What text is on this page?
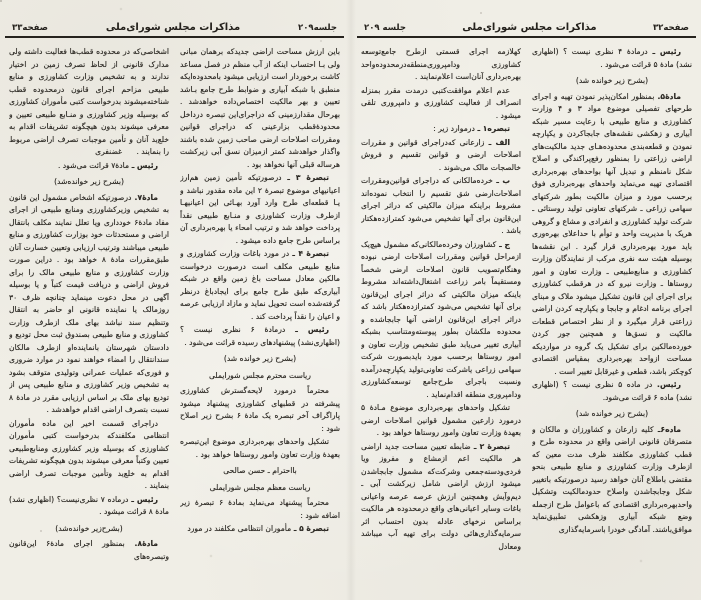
صفحه۳۲
مذاکرات مجلس شورای‌ملی
جلسه ۲۰۹

رئیس ـ درمادهٔ ۴ نظری نیست ؟ (اظهاری نشد) مادهٔ ۵ قرائت می‌شود .

(بشرح زیر خوانده شد)

مادهٔ۵. بمنظور امکان‌پذیر نمودن تهیه و اجرای طرحهای تفصیلی موضوع مواد ۳ و ۴ وزارت کشاورزی و منابع طبیعی با رعایت مسیر شبکه آبیاری و زهکشی نقشه‌های جابجاکردن و یکپارچه نمودن و قطعه‌بندی محدوده‌هـای جدید مالکیت‌های اراضی زراعتی را بمنظور رفع‌پراکندگی و اصلاح شکل نامنظم و تبدیل آنها بواحدهای بهره‌برداری اقتصادی تهیه می‌نماید واحدهای بهره‌برداری فوق برحسب مورد و میزان مالکیت بطور شرکتهای سهامی زراعی ـ شرکتهای تعاونی تولید روستائی ـ شرکت تولید کشاورزی و انفرادی و مشاع و گروهی هریک با مدیریت واحد و توأم با حداعلای بهره‌وری باید مورد بهره‌برداری قرار گیرد . این نقشه‌ها بوسیله هیئت سه نفری مرکب از نمایندگان وزارت کشاورزی و منابع‌طبیعی ـ وزارت تعاون و امور روستاها ـ وزارت نیرو که در هرقطب کشاورزی برای اجرای این قانون تشکیل میشود ملاک و مبنای اجرای برنامه ادغام و جابجا و یکپارچه کردن اراضی زراعتی قرار میگیرد و از نظر اختصاص قطعات مالکیت و نسق‌ها و همچنین جور کردن خورده‌مالکین برای تشکیل یک گروه در مواردیکه مساحت ازواحد بهره‌برداری بمقیاس اقتصادی کوچکتر باشد، قطعی و غیرقابل تغییر است .

رئیس. در ماده ۵ نظری نیست ؟ (اظهاری نشد) ماده ۶ قرائت می‌شود.

(بشرح زیر خوانده شد)

ماده۶ـ کلیه زارعان و کشاورزان و مالکان و متصرفان قانونی اراضی واقع در محدوده طرح و قطب کشاورزی مکلفند ظرف مدت معین که ازطرف وزارت کشاورزی و منابع طبیعی بنحو مقتضی باطلاع آنان خواهد رسید درصورتیکه باتغییر شکل وجابجاشدن واصلاح حدودمالکیت وتشکیل واحدبهره‌برداری اقتصادی که باعوامل طرح ازجمله وضع شبکه آبیاری وزهکشی تطبیق‌نماید موافق‌باشند. آمادگی خودرا باسرمایه‌گذاری

کهلازمه اجرای قسمتی ازطرح جامع‌توسعه کشاورزی ودامپروری‌منطقه‌درمحدوده‌واحد بهره‌برداری آنان‌است اعلام‌نمایند .

عدم اعلام موافقت‌کتبی درمدت مقرر بمنزله انصراف از فعالیت کشاورزی و دامپروری تلقی میشود .

تبصره۱ ـ درموارد زیر :

الف ـ زارعانی که‌دراجرای قوانین و مقررات اصلاحات ارضی و قوانین تقسیم و فروش خالصجات مالک می‌شوند .

ب ـ خرده‌مالکانی که دراجرای قوانین‌ومقررات اصلاحات‌ارضی شق تقسیم را انتخاب نموده‌اند مشروط براینکه میزان مالکیتی که دراثر اجرای این‌قانون برای آنها تشخیص می‌شود کمترازده‌هکتار باشد .

ج ـ کشاورزان وخرده‌مالکانی‌که مشمول هیچ‌یک ازمراحل قوانین ومقررات اصلاحات ارضی نبوده وهنگام‌تصویب قانون اصلاحات ارضی شخصاً ومستقیماً بامر زراعت اشتغال‌داشته‌اند مشروط باینکه میزان مالکیتی که دراثر اجرای این‌قانون برای آنها تشخیص می‌شود کمترازده‌هکتار باشد که دراثر اجرای این‌قانون اراضی آنها جابجاشده و محدوده ملکشان بطور پیوسته‌ومتناسب بشبکه آبیاری تغییر می‌یابد طبق تشخیص وزارت تعاون و امور روستاها برحسب مورد بایدبصورت شرکت سهامی زراعی یاشرکت تعاونی‌تولید یکپارچه‌درآمده ونسبت باجرای طرح‌جامع توسعه‌کشاورزی ودامپروری منطقه اقدام‌نماید .

تشکیل واحدهای بهره‌برداری موضوع مـادهٔ ۵ درمورد زارعین مشمول قوانین اصلاحات ارضی بعهدهٔ وزارت تعاون وامور روستاها خواهد بود .

تبصرهٔ ۲ ـ ضابطه تعیین مساحت جدید اراضی هر مالکیت اعم ازمشاع و مفروز ویا فردی‌ودسته‌جمعی وشرکت‌که مشمول جابجاشدن میشود ارزش اراضی شامل زیرکشت آبی ـ دیم‌وآیش وهمچنین ارزش عرصه عرصه واعیانی باغات وسایر اعیانی‌های واقع درمحدوده هر مالکیت براساس نرخهای عادله بدون احتساب اثر سرمایه‌گذاری‌هائی دولت برای تهیه آب میباشد ومعادل

جلسه۲۰۹
مذاکرات مجلس شورای‌ملی
صفحه۳۳

باین ارزش مساحت اراضی جدیدکه برهمان مبانی ولی بـا احتساب اینکه از آب منظم در فصل مساعد کاشت برخوردار است ارزیابی میشود بامحدوده‌ایکه منطبق با شبکه آبیاری و ضوابط طرح جامع بـاشد تعیین و بهر مالکیت اختصاص‌داده خواهدشد . بهرحال مقدارزمینی که دراجرای‌این تبصره درداخل محدودهٔ‌قطب بزارعینی که دراجرای قوانین ومقررات اصلاحات ارضی صاحب زمین شده باشند واگذار خواهدشد کمتر ازمیزان نسق آبی زیرکشت هرساله قبلی آنها نخواهد بود .

تبصرهٔ ۳ ـ درصورتیکه تأمین زمین هم‌ارز اعیانیهای موضوع تبصرهٔ ۲ این ماده مقدور نباشد و یـا قطعه‌ای طرح وارد آورد بهـائی این اعیانیهـا ازطرف وزارت کشاورزی و منـابع طبیعی نقداً پرداخت خواهد شد و ترتیب امحاء یا بهره‌برداری آن براساس طرح جامع داده میشود .

تبصرهٔ ۴ ـ در مورد باغات وزارت کشاورزی و منابع طبیعی مکلف است درصورت درخواست مالکین معادل مساحت باغ زمین واقع در شبکه آبیاری‌که طبق طرح جامع برای ایجادباغ درنظر گرفته‌شده است تحویل نماید و مازاد ارزیابی عرصه و اعیان را نقداً پرداخت کند .

رئیس ـ درمادهٔ ۶ نظری نیست ؟ (اظهاری‌نشد) پیشنهادهای رسیده قرائت می‌شود .

(بشرح زیر خوانده شد)

ریاست محترم مجلس شورایملی

محترماً درمورد لایحه‌گسترش کشاورزی پیشرفته در قطبهای کشاورزی پیشنهاد میشود پاراگراف آخر تبصره یک مادهٔ ۶ بشرح زیر اصلاح شود :

تشکیل واحدهای بهره‌برداری موضوع این‌تبصره بعهدهٔ وزارت تعاون وامور روستاها خواهد بود .

بااحترام ـ حسن صالحی

ریاست معظم مجلس شورایملی

محترماً پیشنهاد می‌نماید بمادهٔ ۶ تبصرهٔ زیر اضافه شود :

تبصرهٔ ۵ ـ مأموران انتظامی مکلفند در مورد

اشخاصی‌که در محدوده قطب‌ها فعالیت داشته ولی مدارک قانونی از لحاظ تصرف زمین در اختیار ندارند و به تشخیص وزارت کشاورزی و منابع طبیعی مزاحم اجرای قانون درمحدوده قطب شناخته‌میشوند بدرخواست کتبی مأموران کشاورزی که بوسیله وزیر کشاورزی و منـابع طبیعی تعیین و معرفی میشوند بدون هیچگونه تشریفات اقدام به خلع‌ید آنان و تأمین موجبات تصرف اراضی مربوط را بنمایند .      غضنفری

رئیس ـ مادهٔ۷ قرائت می‌شود .

(بشرح زیر خوانده‌شد)

مادهٔ۷. درصورتیکه اشخاص مشمول این قانون به تشخیص وزیرکشاورزی ومنابع طبیعی از اجرای مفاد مادهٔ۶ خودداری ویا تعلل نمایند مکلف بانتقال اراضی و مستحدثات خود بوزارت کشاورزی و منابع طبیعی میباشند وترتیب ارزیابی وتعیین خسارت آنان طبق‌مقررات مادهٔ ۸ خواهد بود . دراین صورت وزارت کشاورزی و منابع طبیعی مالک را برای فروش اراضی و دریافت قیمت کتباً و یا بوسیله آگهی در محل دعوت مینماید چنانچه ظرف ۳۰ روزمالک یا نماینده قانونی او حاضر به انتقال وتنظیم سند نباشد بهای ملک ازطرف وزارت کشاورزی و منابع طبیعی بصندوق ثبت محل تودیع و دادستان شهرستان بانماینده‌او ازطرف مالکان سندانتقال را امضاء خواهند نمود در موارد ضروری و فوری‌که عملیات عمرانی وتولیدی متوقف بشود به تشخیص وزیر کشاورزی و منابع طبیعی پس از تودیع بهای ملک بر اساس ارزیابی مقرر در مادهٔ ۸ نسبت بتصرف اراضی اقدام خواهدشد .

دراجرای قسمت اخیر این ماده مأموران انتظامی مکلفندکه بدرخواست کتبی مأموران کشاورزی که بوسیله وزیر کشاورزی ومنابع‌طبیعی تعیین وکتباً معرفی میشوند بدون هیچگونه تشریفات اقدام به خلع‌ید وتأمین موجبات تصرف اراضی بنمایند .

رئیس ـ درماده ۷ نظری‌نیست؟ (اظهاری نشد) مادهٔ ۸ قرائت میشود .

(بشرح‌زیر خوانده‌شد)

مادهٔ۸. بمنظور اجرای مادهٔ۶ این‌قانون وتبصره‌های
